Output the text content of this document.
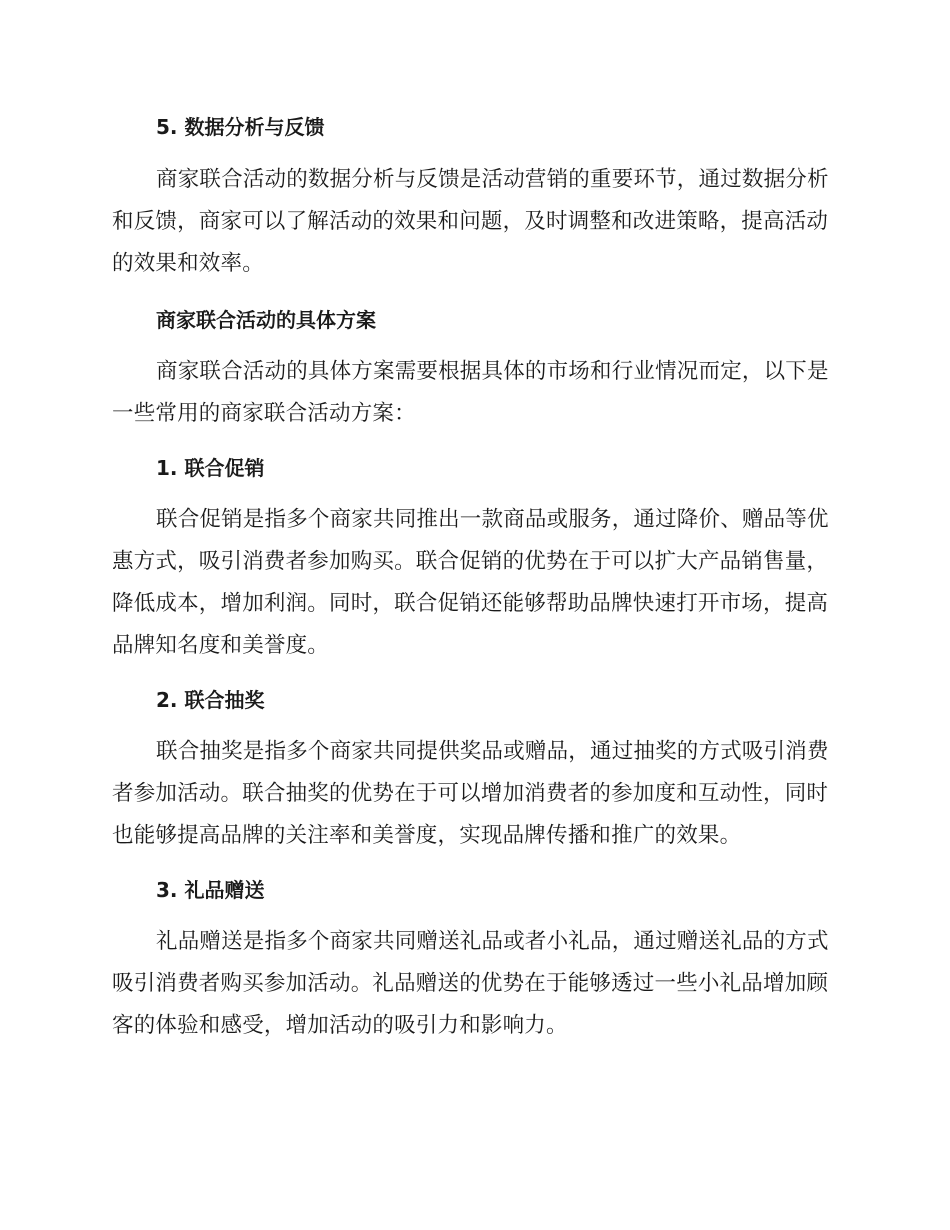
5. 数据分析与反馈

商家联合活动的数据分析与反馈是活动营销的重要环节，通过数据分析和反馈，商家可以了解活动的效果和问题，及时调整和改进策略，提高活动的效果和效率。

商家联合活动的具体方案

商家联合活动的具体方案需要根据具体的市场和行业情况而定，以下是一些常用的商家联合活动方案：

1. 联合促销

联合促销是指多个商家共同推出一款商品或服务，通过降价、赠品等优惠方式，吸引消费者参加购买。联合促销的优势在于可以扩大产品销售量，降低成本，增加利润。同时，联合促销还能够帮助品牌快速打开市场，提高品牌知名度和美誉度。

2. 联合抽奖

联合抽奖是指多个商家共同提供奖品或赠品，通过抽奖的方式吸引消费者参加活动。联合抽奖的优势在于可以增加消费者的参加度和互动性，同时也能够提高品牌的关注率和美誉度，实现品牌传播和推广的效果。

3. 礼品赠送

礼品赠送是指多个商家共同赠送礼品或者小礼品，通过赠送礼品的方式吸引消费者购买参加活动。礼品赠送的优势在于能够透过一些小礼品增加顾客的体验和感受，增加活动的吸引力和影响力。
